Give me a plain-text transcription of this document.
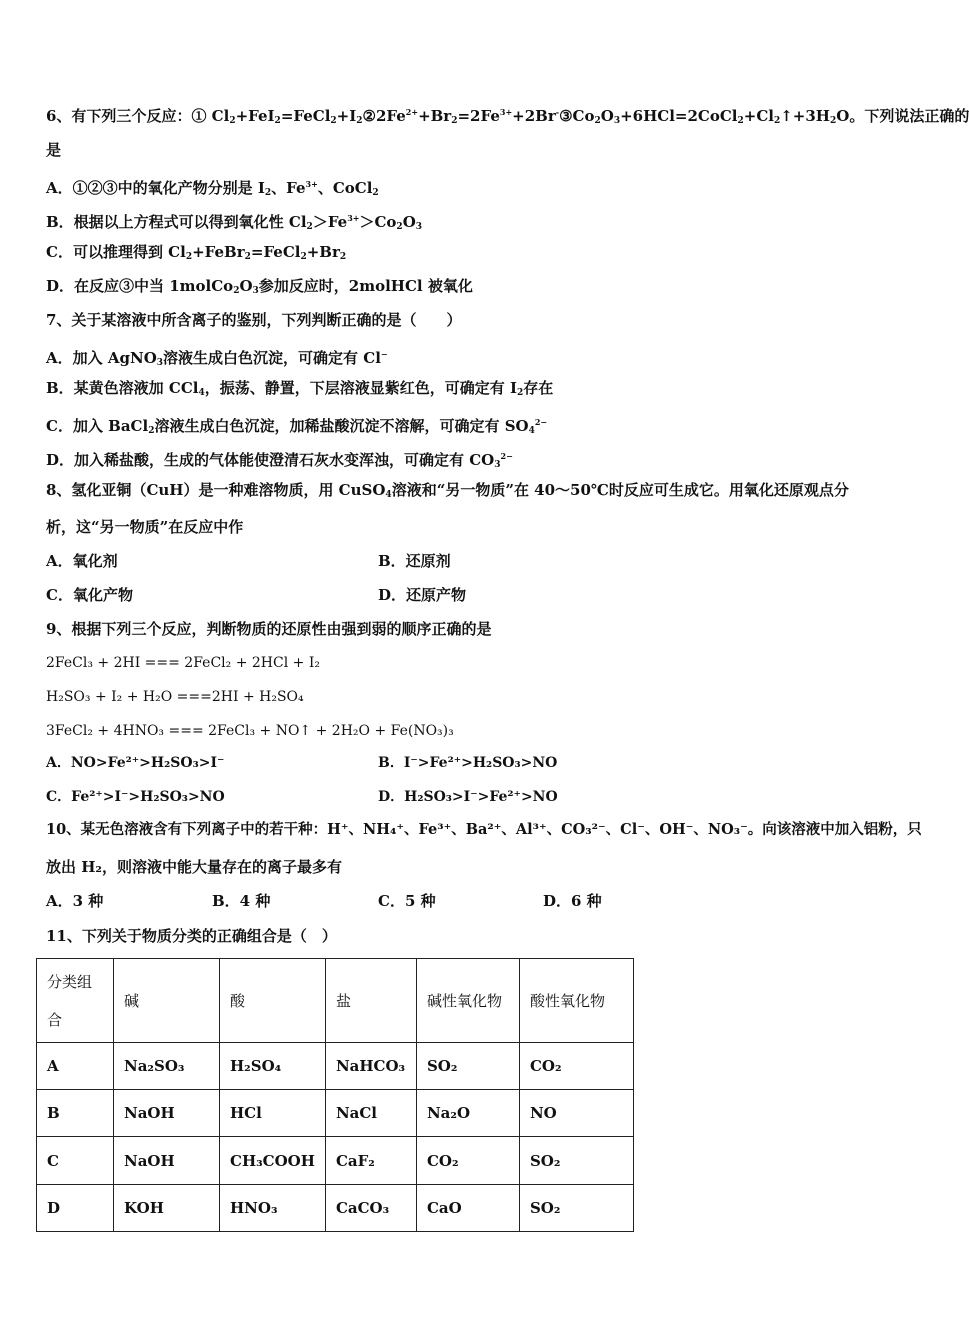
6、有下列三个反应：① $Cl_2+FeI_2=FeCl_2+I_2②2Fe^{2+}+Br_2=2Fe^{3+}+2Br^-③Co_2O_3+6HCl=2CoCl_2+Cl_2↑+3H_2O$。下列说法正确的
是
A．①②③中的氧化产物分别是 $I_2$、$Fe^{3+}$、CoCl$_2$
B．根据以上方程式可以得到氧化性 $Cl_2>Fe^{3+}>Co_2O_3$
C．可以推理得到 $Cl_2+FeBr_2=FeCl_2+Br_2$
D．在反应③中当 $1molCo_2O_3$参加反应时，2molHCl 被氧化
7、关于某溶液中所含离子的鉴别，下列判断正确的是（　　）
A．加入 AgNO$_3$溶液生成白色沉淀，可确定有 Cl−
B．某黄色溶液加 CCl$_4$，振荡、静置，下层溶液显紫红色，可确定有 $I_2$存在
C．加入 BaCl$_2$溶液生成白色沉淀，加稀盐酸沉淀不溶解，可确定有 $SO_4^{2-}$
D．加入稀盐酸，生成的气体能使澄清石灰水变浑浊，可确定有 $CO_3^{2-}$
8、氢化亚铜（CuH）是一种难溶物质，用 CuSO$_4$溶液和“另一物质”在 40～50℃时反应可生成它。用氧化还原观点分
析，这“另一物质”在反应中作
A．氧化剂	B．还原剂
C．氧化产物	D．还原产物
9、根据下列三个反应，判断物质的还原性由强到弱的顺序正确的是
2FeCl₃ + 2HI === 2FeCl₂ + 2HCl + I₂
H₂SO₃ + I₂ + H₂O ===2HI + H₂SO₄
3FeCl₂ + 4HNO₃ === 2FeCl₃ + NO↑ + 2H₂O + Fe(NO₃)₃
A．NO>Fe²⁺>H₂SO₃>I⁻	B．I⁻>Fe²⁺>H₂SO₃>NO
C．Fe²⁺>I⁻>H₂SO₃>NO	D．H₂SO₃>I⁻>Fe²⁺>NO
10、某无色溶液含有下列离子中的若干种：H⁺、NH₄⁺、Fe³⁺、Ba²⁺、Al³⁺、CO₃²⁻、Cl⁻、OH⁻、NO₃⁻。向该溶液中加入铝粉，只
放出 H₂，则溶液中能大量存在的离子最多有
A．3 种	B．4 种	C．5 种	D．6 种
11、下列关于物质分类的正确组合是（　）
分类组合	碱	酸	盐	碱性氧化物	酸性氧化物
A	Na₂SO₃	H₂SO₄	NaHCO₃	SO₂	CO₂
B	NaOH	HCl	NaCl	Na₂O	NO
C	NaOH	CH₃COOH	CaF₂	CO₂	SO₂
D	KOH	HNO₃	CaCO₃	CaO	SO₂
